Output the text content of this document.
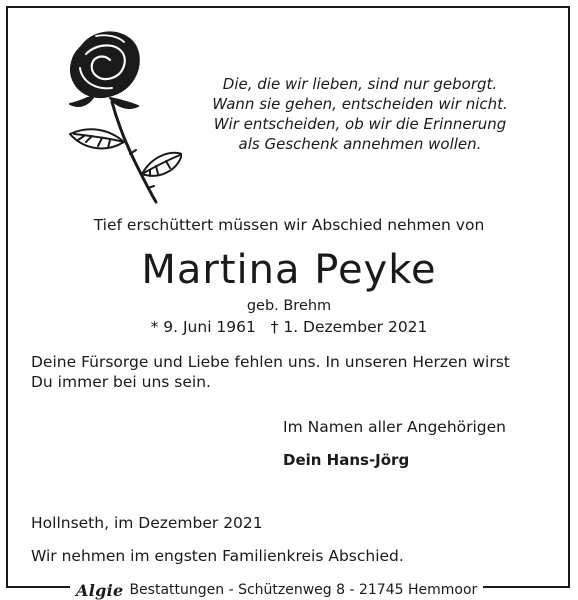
Die, die wir lieben, sind nur geborgt.
Wann sie gehen, entscheiden wir nicht.
Wir entscheiden, ob wir die Erinnerung
als Geschenk annehmen wollen.
Tief erschüttert müssen wir Abschied nehmen von
Martina Peyke
geb. Brehm
* 9. Juni 1961   † 1. Dezember 2021
Deine Fürsorge und Liebe fehlen uns. In unseren Herzen wirst
Du immer bei uns sein.
Im Namen aller Angehörigen
Dein Hans-Jörg
Hollnseth, im Dezember 2021
Wir nehmen im engsten Familienkreis Abschied.
Algie Bestattungen - Schützenweg 8 - 21745 Hemmoor
